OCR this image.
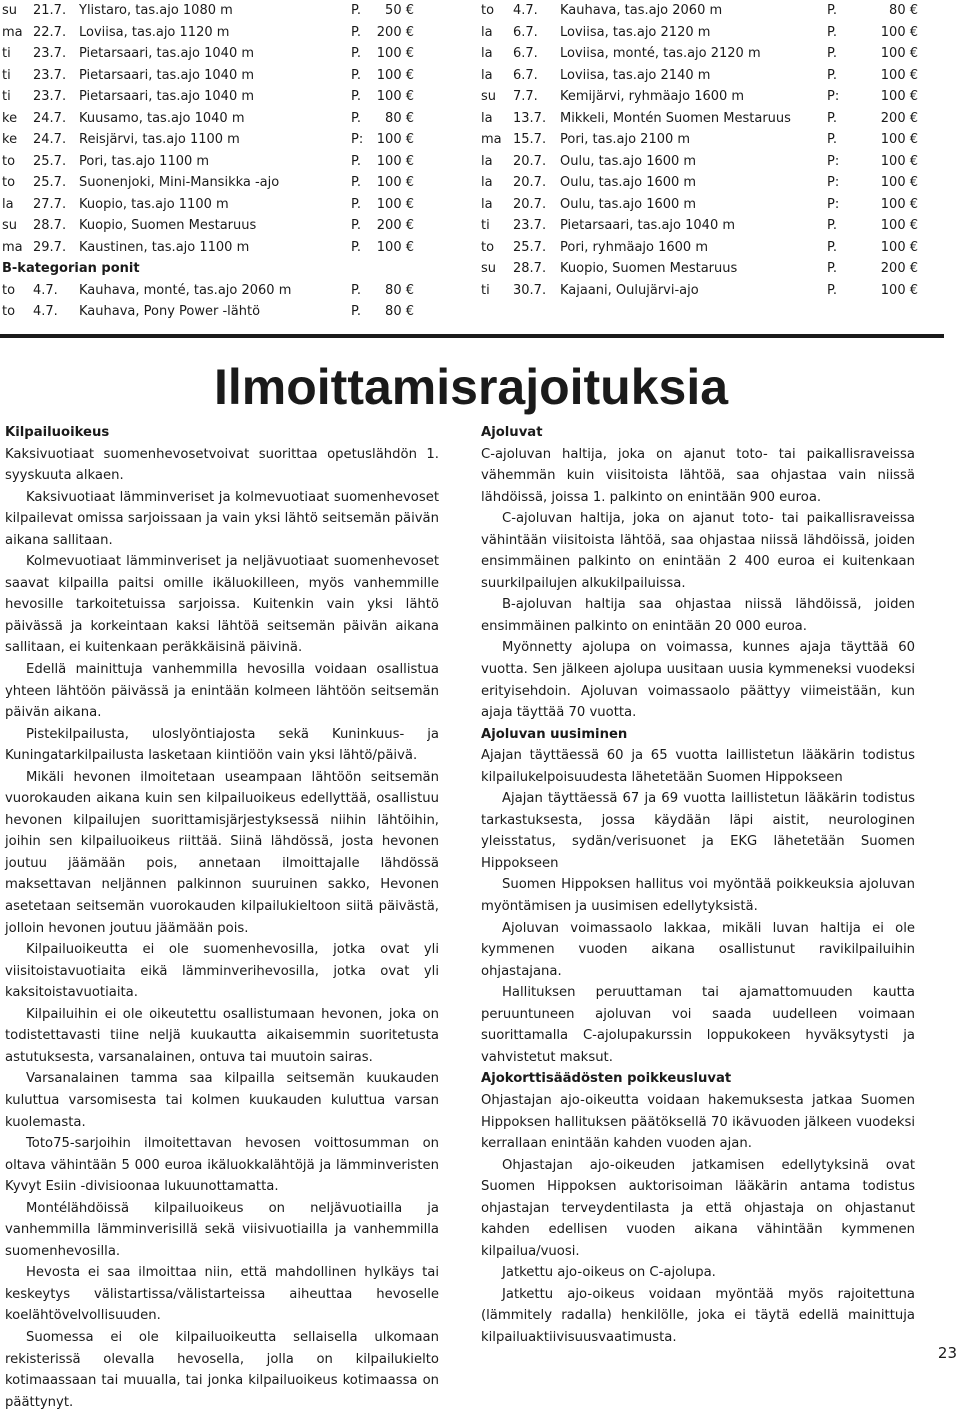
su 21.7. Ylistaro, tas.ajo 1080 m	P. 50 €
ma 22.7. Loviisa, tas.ajo 1120 m	P. 200 €
ti 23.7. Pietarsaari, tas.ajo 1040 m	P. 100 €
ti 23.7. Pietarsaari, tas.ajo 1040 m	P. 100 €
ti 23.7. Pietarsaari, tas.ajo 1040 m	P. 100 €
ke 24.7. Kuusamo, tas.ajo 1040 m	P. 80 €
ke 24.7. Reisjärvi, tas.ajo 1100 m	P: 100 €
to 25.7. Pori, tas.ajo 1100 m	P. 100 €
to 25.7. Suonenjoki, Mini-Mansikka -ajo	P. 100 €
la 27.7. Kuopio, tas.ajo 1100 m	P. 100 €
su 28.7. Kuopio, Suomen Mestaruus	P. 200 €
ma 29.7. Kaustinen, tas.ajo 1100 m	P. 100 €
B-kategorian ponit
to 4.7. Kauhava, monté, tas.ajo 2060 m	P. 80 €
to 4.7. Kauhava, Pony Power -lähtö	P. 80 €
to 4.7. Kauhava, tas.ajo 2060 m	P.	80 €
la 6.7. Loviisa, tas.ajo 2120 m	P.	100 €
la 6.7. Loviisa, monté, tas.ajo 2120 m	P.	100 €
la 6.7. Loviisa, tas.ajo 2140 m	P.	100 €
su 7.7. Kemijärvi, ryhmäajo 1600 m	P:	100 €
la 13.7. Mikkeli, Montén Suomen Mestaruus	P.	200 €
ma 15.7. Pori, tas.ajo 2100 m	P.	100 €
la 20.7. Oulu, tas.ajo 1600 m	P:	100 €
la 20.7. Oulu, tas.ajo 1600 m	P:	100 €
la 20.7. Oulu, tas.ajo 1600 m	P:	100 €
ti 23.7. Pietarsaari, tas.ajo 1040 m	P.	100 €
to 25.7. Pori, ryhmäajo 1600 m	P.	100 €
su 28.7. Kuopio, Suomen Mestaruus	P.	200 €
ti 30.7. Kajaani, Oulujärvi-ajo	P.	100 €
Ilmoittamisrajoituksia
Kilpailuoikeus

Kaksivuotiaat suomenhevosetvoivat suorittaa opetuslähdön 1. syyskuuta alkaen.

Kaksivuotiaat lämminveriset ja kolmevuotiaat suomenhevoset kilpailevat omissa sarjoissaan ja vain yksi lähtö seitsemän päivän aikana sallitaan.

Kolmevuotiaat lämminveriset ja neljävuotiaat suomenhevoset saavat kilpailla paitsi omille ikäluokilleen, myös vanhemmille hevosille tarkoitetuissa sarjoissa. Kuitenkin vain yksi lähtö päivässä ja korkeintaan kaksi lähtöä seitsemän päivän aikana sallitaan, ei kuitenkaan peräkkäisinä päivinä.

Edellä mainittuja vanhemmilla hevosilla voidaan osallistua yhteen lähtöön päivässä ja enintään kolmeen lähtöön seitsemän päivän aikana.

Pistekilpailusta, uloslyöntiajosta sekä Kuninkuus- ja Kuningatarkilpailusta lasketaan kiintiöön vain yksi lähtö/päivä.

Mikäli hevonen ilmoitetaan useampaan lähtöön seitsemän vuorokauden aikana kuin sen kilpailuoikeus edellyttää, osallistuu hevonen kilpailujen suorittamisjärjestyksessä niihin lähtöihin, joihin sen kilpailuoikeus riittää. Siinä lähdössä, josta hevonen joutuu jäämään pois, annetaan ilmoittajalle lähdössä maksettavan neljännen palkinnon suuruinen sakko, Hevonen asetetaan seitsemän vuorokauden kilpailukieltoon siitä päivästä, jolloin hevonen joutuu jäämään pois.

Kilpailuoikeutta ei ole suomenhevosilla, jotka ovat yli viisitoistavuotiaita eikä lämminverihevosilla, jotka ovat yli kaksitoistavuotiaita.

Kilpailuihin ei ole oikeutettu osallistumaan hevonen, joka on todistettavasti tiine neljä kuukautta aikaisemmin suoritetusta astutuksesta, varsanalainen, ontuva tai muutoin sairas.

Varsanalainen tamma saa kilpailla seitsemän kuukauden kuluttua varsomisesta tai kolmen kuukauden kuluttua varsan kuolemasta.

Toto75-sarjoihin ilmoitettavan hevosen voittosumman on oltava vähintään 5 000 euroa ikäluokkalähtöjä ja lämminveristen Kyvyt Esiin -divisioonaa lukuunottamatta.

Montélähdöissä kilpailuoikeus on neljävuotiailla ja vanhemmilla lämminverisillä sekä viisivuotiailla ja vanhemmilla suomenhevosilla.

Hevosta ei saa ilmoittaa niin, että mahdollinen hylkäys tai keskeytys välistartissa/välistarteissa aiheuttaa hevoselle koelähtövelvollisuuden.

Suomessa ei ole kilpailuoikeutta sellaisella ulkomaan rekisterissä olevalla hevosella, jolla on kilpailukielto kotimaassaan tai muualla, tai jonka kilpailuoikeus kotimaassa on päättynyt.

Ajoluvat

C-ajoluvan haltija, joka on ajanut toto- tai paikallisraveissa vähemmän kuin viisitoista lähtöä, saa ohjastaa vain niissä lähdöissä, joissa 1. palkinto on enintään 900 euroa.

C-ajoluvan haltija, joka on ajanut toto- tai paikallisraveissa vähintään viisitoista lähtöä, saa ohjastaa niissä lähdöissä, joiden ensimmäinen palkinto on enintään 2 400 euroa ei kuitenkaan suurkilpailujen alkukilpailuissa.

B-ajoluvan haltija saa ohjastaa niissä lähdöissä, joiden ensimmäinen palkinto on enintään 20 000 euroa.

Myönnetty ajolupa on voimassa, kunnes ajaja täyttää 60 vuotta. Sen jälkeen ajolupa uusitaan uusia kymmeneksi vuodeksi erityisehdoin. Ajoluvan voimassaolo päättyy viimeistään, kun ajaja täyttää 70 vuotta.

Ajoluvan uusiminen

Ajajan täyttäessä 60 ja 65 vuotta laillistetun lääkärin todistus kilpailukelpoisuudesta lähetetään Suomen Hippokseen

Ajajan täyttäessä 67 ja 69 vuotta laillistetun lääkärin todistus tarkastuksesta, jossa käydään läpi aistit, neurologinen yleisstatus, sydän/verisuonet ja EKG lähetetään Suomen Hippokseen

Suomen Hippoksen hallitus voi myöntää poikkeuksia ajoluvan myöntämisen ja uusimisen edellytyksistä.

Ajoluvan voimassaolo lakkaa, mikäli luvan haltija ei ole kymmenen vuoden aikana osallistunut ravikilpailuihin ohjastajana.

Hallituksen peruuttaman tai ajamattomuuden kautta peruuntuneen ajoluvan voi saada uudelleen voimaan suorittamalla C-ajolupakurssin loppukokeen hyväksytysti ja vahvistetut maksut.

Ajokorttisäädösten poikkeusluvat

Ohjastajan ajo-oikeutta voidaan hakemuksesta jatkaa Suomen Hippoksen hallituksen päätöksellä 70 ikävuoden jälkeen vuodeksi kerrallaan enintään kahden vuoden ajan.

Ohjastajan ajo-oikeuden jatkamisen edellytyksinä ovat Suomen Hippoksen auktorisoiman lääkärin antama todistus ohjastajan terveydentilasta ja että ohjastaja on ohjastanut kahden edellisen vuoden aikana vähintään kymmenen kilpailua/vuosi.

Jatkettu ajo-oikeus on C-ajolupa.

Jatkettu ajo-oikeus voidaan myöntää myös rajoitettuna (lämmitely radalla) henkilölle, joka ei täytä edellä mainittuja kilpailuaktiivisuusvaatimusta.

23
